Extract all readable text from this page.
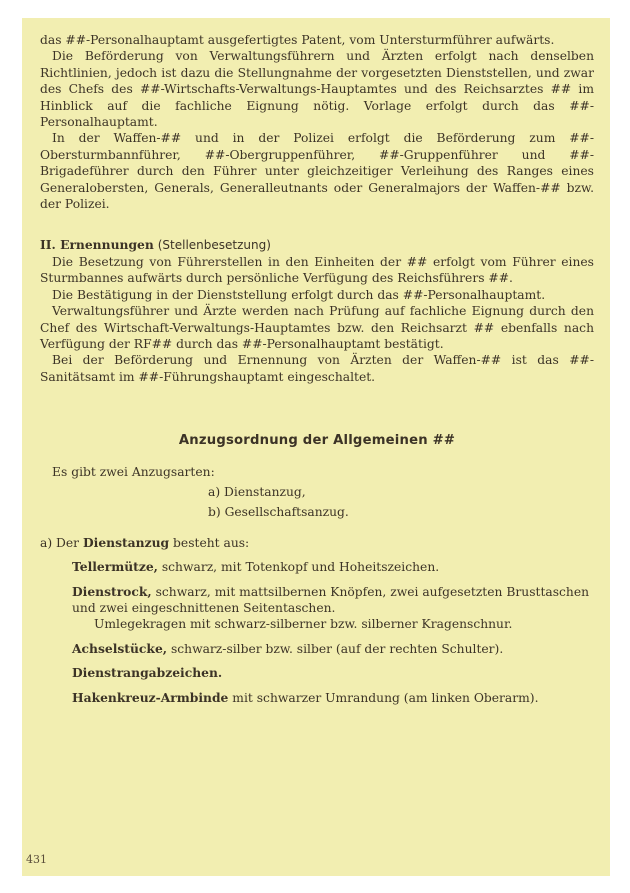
das ##-Personalhauptamt ausgefertigtes Patent, vom Untersturmführer aufwärts.

Die Beförderung von Verwaltungsführern und Ärzten erfolgt nach denselben Richtlinien, jedoch ist dazu die Stellungnahme der vorgesetzten Dienststellen, und zwar des Chefs des ##-Wirtschafts-Verwaltungs-Hauptamtes und des Reichsarztes ## im Hinblick auf die fachliche Eignung nötig. Vorlage erfolgt durch das ##-Personalhauptamt.

In der Waffen-## und in der Polizei erfolgt die Beförderung zum ##-Obersturmbannführer, ##-Obergruppenführer, ##-Gruppenführer und ##-Brigadeführer durch den Führer unter gleichzeitiger Verleihung des Ranges eines Generalobersten, Generals, Generalleutnants oder Generalmajors der Waffen-## bzw. der Polizei.

II. Ernennungen (Stellenbesetzung)

Die Besetzung von Führerstellen in den Einheiten der ## erfolgt vom Führer eines Sturmbannes aufwärts durch persönliche Verfügung des Reichsführers ##.

Die Bestätigung in der Dienststellung erfolgt durch das ##-Personalhauptamt.

Verwaltungsführer und Ärzte werden nach Prüfung auf fachliche Eignung durch den Chef des Wirtschaft-Verwaltungs-Hauptamtes bzw. den Reichsarzt ## ebenfalls nach Verfügung der RF## durch das ##-Personalhauptamt bestätigt.

Bei der Beförderung und Ernennung von Ärzten der Waffen-## ist das ##-Sanitätsamt im ##-Führungshauptamt eingeschaltet.

Anzugsordnung der Allgemeinen ##

Es gibt zwei Anzugsarten:

a) Dienstanzug,
b) Gesellschaftsanzug.

a) Der Dienstanzug besteht aus:

Tellermütze, schwarz, mit Totenkopf und Hoheitszeichen.
Dienstrock, schwarz, mit mattsilbernen Knöpfen, zwei aufgesetzten Brusttaschen und zwei eingeschnittenen Seitentaschen.
Umlegekragen mit schwarz-silberner bzw. silberner Kragenschnur.
Achselstücke, schwarz-silber bzw. silber (auf der rechten Schulter).
Dienstrangabzeichen.
Hakenkreuz-Armbinde mit schwarzer Umrandung (am linken Oberarm).
431
